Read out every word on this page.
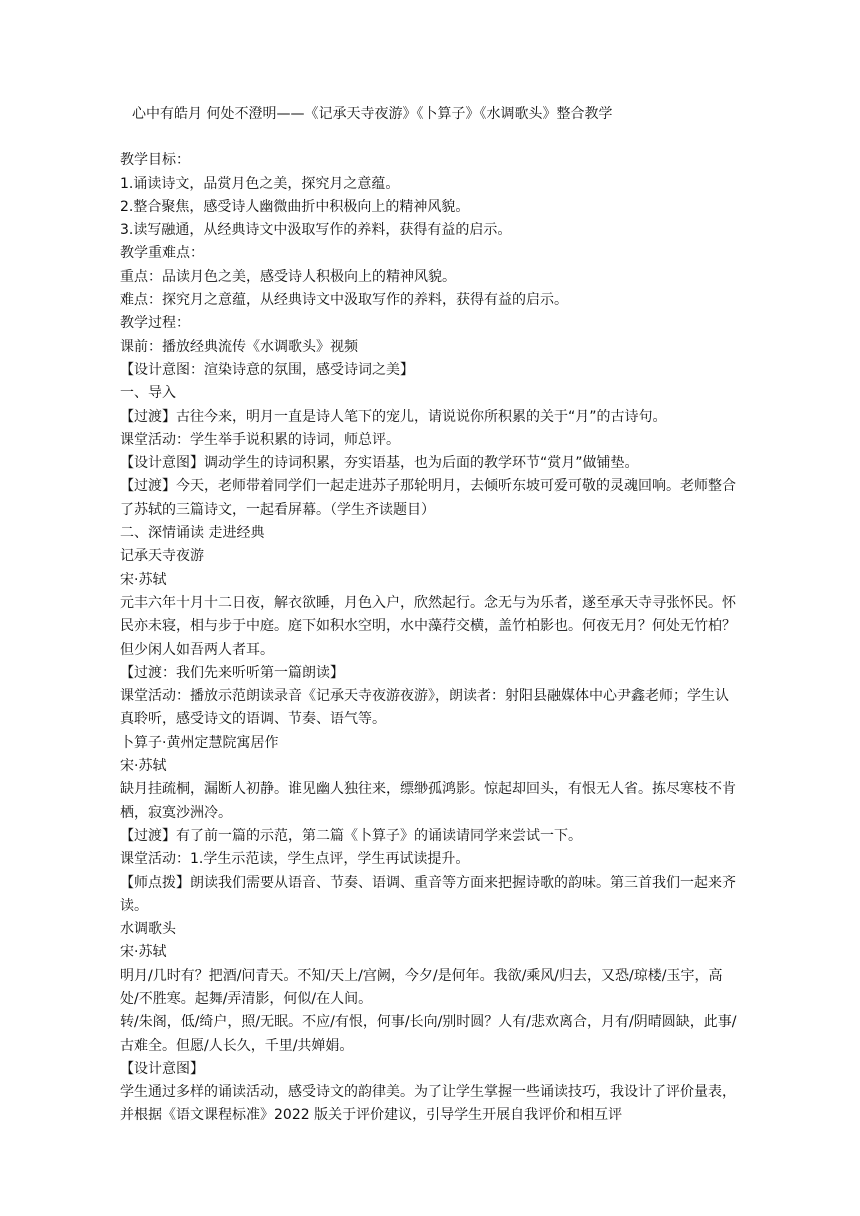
心中有皓月 何处不澄明——《记承天寺夜游》《卜算子》《水调歌头》整合教学

教学目标：

1.诵读诗文，品赏月色之美，探究月之意蕴。

2.整合聚焦，感受诗人幽微曲折中积极向上的精神风貌。

3.读写融通，从经典诗文中汲取写作的养料，获得有益的启示。

教学重难点：

重点：品读月色之美，感受诗人积极向上的精神风貌。

难点：探究月之意蕴，从经典诗文中汲取写作的养料，获得有益的启示。

教学过程：

课前：播放经典流传《水调歌头》视频

【设计意图：渲染诗意的氛围，感受诗词之美】

一、导入

【过渡】古往今来，明月一直是诗人笔下的宠儿，请说说你所积累的关于“月”的古诗句。

课堂活动：学生举手说积累的诗词，师总评。

【设计意图】调动学生的诗词积累，夯实语基，也为后面的教学环节“赏月”做铺垫。

【过渡】今天，老师带着同学们一起走进苏子那轮明月，去倾听东坡可爱可敬的灵魂回响。老师整合了苏轼的三篇诗文，一起看屏幕。（学生齐读题目）

二、深情诵读 走进经典

记承天寺夜游

宋·苏轼

元丰六年十月十二日夜，解衣欲睡，月色入户，欣然起行。念无与为乐者，遂至承天寺寻张怀民。怀民亦未寝，相与步于中庭。庭下如积水空明，水中藻荇交横，盖竹柏影也。何夜无月？何处无竹柏？但少闲人如吾两人者耳。

【过渡：我们先来听听第一篇朗读】

课堂活动：播放示范朗读录音《记承天寺夜游夜游》，朗读者：射阳县融媒体中心尹鑫老师；学生认真聆听，感受诗文的语调、节奏、语气等。

卜算子·黄州定慧院寓居作

宋·苏轼

缺月挂疏桐，漏断人初静。谁见幽人独往来，缥缈孤鸿影。惊起却回头，有恨无人省。拣尽寒枝不肯栖，寂寞沙洲冷。

【过渡】有了前一篇的示范，第二篇《卜算子》的诵读请同学来尝试一下。

课堂活动：1.学生示范读，学生点评，学生再试读提升。

【师点拨】朗读我们需要从语音、节奏、语调、重音等方面来把握诗歌的韵味。第三首我们一起来齐读。

水调歌头

宋·苏轼

明月/几时有？把酒/问青天。不知/天上/宫阙，今夕/是何年。我欲/乘风/归去，又恐/琼楼/玉宇，高处/不胜寒。起舞/弄清影，何似/在人间。

转/朱阁，低/绮户，照/无眠。不应/有恨，何事/长向/别时圆？人有/悲欢离合，月有/阴晴圆缺，此事/古难全。但愿/人长久，千里/共婵娟。

【设计意图】

学生通过多样的诵读活动，感受诗文的韵律美。为了让学生掌握一些诵读技巧，我设计了评价量表，并根据《语文课程标准》2022 版关于评价建议，引导学生开展自我评价和相互评
